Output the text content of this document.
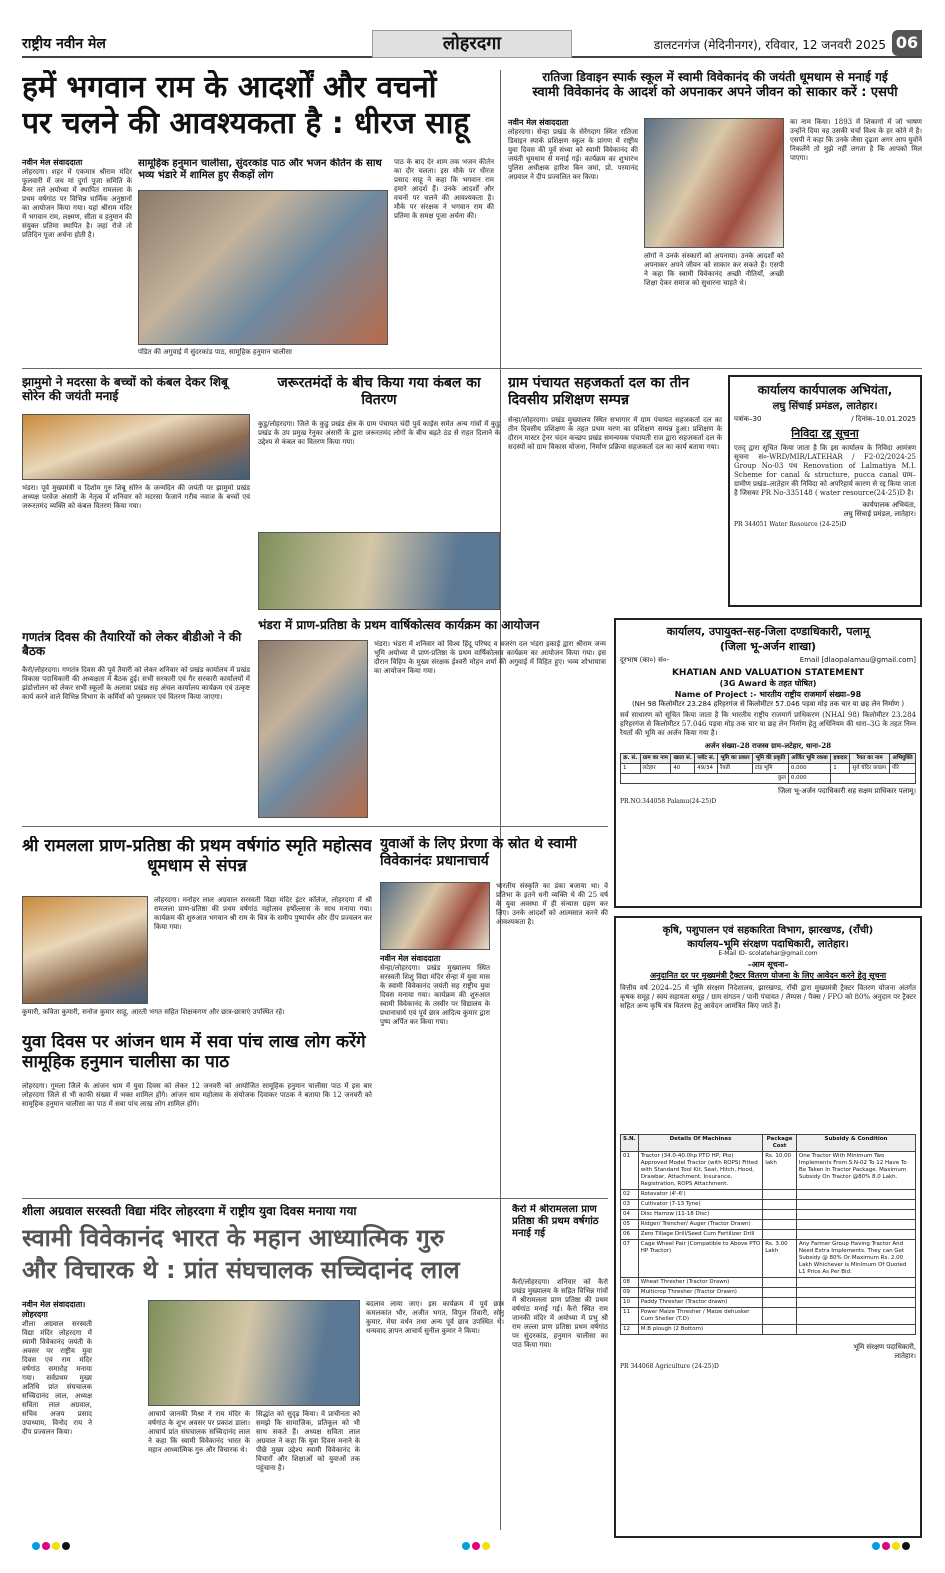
राष्ट्रीय नवीन मेल	लोहरदगा	डालटनगंज (मेदिनीनगर), रविवार, 12 जनवरी 2025 06
हमें भगवान राम के आदर्शों और वचनों
पर चलने की आवश्यकता है : धीरज साहू
नवीन मेल संवाददाता
लोहरदगा। शहर में एकमात्र श्रीराम मंदिर फुलवारी में जय मां दुर्गा पूजा समिति के बैनर तले अयोध्या में स्थापित रामलला के प्रथम वर्षगांठ पर विभिन्न धार्मिक अनुष्ठानों का आयोजन किया गया। यहां श्रीराम मंदिर में भगवान राम, लक्ष्मण, सीता व हनुमान की संयुक्त प्रतिमा स्थापित है। जहां रोजे तो प्रतिदिन पूजा अर्चना होती है।
सामूहिक हनुमान चालीसा, सुंदरकांड पाठ और भजन कीर्तन के साथ भव्य भंडारे में शामिल हुए सैकड़ों लोग
पंडित की अगुवाई में सुंदरकांड पाठ, सामूहिक हनुमान चालीसा
पाठ के बाद देर शाम तक भजन कीर्तन का दौर चलता। इस मौके पर धीरज प्रसाद साहू ने कहा कि भगवान राम हमारे आदर्श हैं। उनके आदर्शों और वचनों पर चलने की आवश्यकता है। मौके पर संरक्षक ने भगवान राम की प्रतिमा के समक्ष पूजा अर्चना की।
रातिजा डिवाइन स्पार्क स्कूल में स्वामी विवेकानंद की जयंती धूमधाम से मनाई गई
स्वामी विवेकानंद के आदर्श को अपनाकर अपने जीवन को साकार करें : एसपी
नवीन मेल संवाददाता
लोहरदगा। सेन्हा प्रखंड के सेरेंगदाग स्थित रातिजा डिवाइन स्पार्क प्रशिक्षण स्कूल के प्रांगण में राष्ट्रीय युवा दिवस की पूर्व संध्या को स्वामी विवेकानंद की जयंती धूमधाम से मनाई गई। कार्यक्रम का शुभारंभ पुलिस अधीक्षक हारिश बिन जमां, प्रो. परमानंद अग्रवाल ने दीप प्रज्वलित कर किया।
लोगों ने उनके संस्कारों को अपनाया। उनके आदर्शों को अपनाकर अपने जीवन को साकार कर सकते हैं। एसपी ने कहा कि स्वामी विवेकानंद अच्छी नीतियाँ, अच्छी शिक्षा देकर समाज को सुधारना चाहते थे।
का नाम किया। 1893 में शिकागो में जो भाषण उन्होंने दिया वह उसकी चर्चा विश्व के हर कोने में है। एसपी ने कहा कि उनके जैसा दृढ़ता अगर आप युवोंने निकलेंगे तो मुझे नहीं लगता है कि आपको मिल पाएगा।
झामुमो ने मदरसा के बच्चों को कंबल देकर शिबू सोरेन की जयंती मनाई
भंडरा। पूर्व मुख्यमंत्री व दिशोम गुरु शिबू सोरेन के जन्मदिन की जयंती पर झामुमो प्रखंड अध्यक्ष परवेज अंसारी के नेतृत्व में शनिवार को मदरसा फैजाने गरीब नवाज के बच्चों एवं जरूरतमंद व्यक्ति को कंबल वितरण किया गया।
जरूरतमंदों के बीच किया गया कंबल का वितरण
कुडु/लोहरदगा। जिले के कुडु प्रखंड क्षेत्र के ग्राम पंचायत चंदी पुर्व काईस समेत अन्य गांवों में कुडु प्रखंड के उप प्रमुख रेनुका अंसारी के द्वारा जरूरतमंद लोगों के बीच बढ़ते ठंड से राहत दिलाने के उद्देश्य से कंबल का वितरण किया गया।
ग्राम पंचायत सहजकर्ता दल का तीन दिवसीय प्रशिक्षण सम्पन्न
सेन्हा/लोहरदगा। प्रखंड मुख्यालय स्थित सभागार में ग्राम पंचायत सहजकर्ता दल का तीन दिवसीय प्रशिक्षण के तहत प्रथम चरण का प्रशिक्षण सम्पन्न हुआ। प्रशिक्षण के दौरान मास्टर ट्रेनर चंदन कच्छप प्रखंड समन्वयक पंचायती राज द्वारा सहजकर्ता दल के सदस्यों को ग्राम विकास योजना, निर्माण प्रक्रिया सहजकर्ता दल का कार्य बताया गया।
कार्यालय कार्यपालक अभियंता,
लघु सिंचाई प्रमंडल, लातेहार।
पत्रांक–30	/ दिनांक–10.01.2025
निविदा रद्द सूचना
एतद् द्वारा सूचित किया जाता है कि इस कार्यालय के निविदा आमंत्रण सूचना सं०-WRD/MIR/LATEHAR / F2-02/2024-25 Group No-03 पथ Renovation of Lalmatiya M.I. Scheme for canal & structure, pucca canal ग्राम–ग्रामीण प्रखंड–लातेहार की निविदा को अपरिहार्य कारण से रद्द किया जाता है जिसका PR No-335148 ( water resource(24-25)D है।
कार्यपालक अभियंता,
लघु सिंचाई प्रमंडल, लातेहार।
PR 344051 Water Resource (24-25)D
भंडरा में प्राण-प्रतिष्ठा के प्रथम वार्षिकोत्सव कार्यक्रम का आयोजन
भंडरा। भंडरा में शनिवार को विश्व हिंदू परिषद व बजरंग दल भंडरा इकाई द्वारा श्रीराम जन्म भूमि अयोध्या में प्राण-प्रतिष्ठा के प्रथम वार्षिकोत्सव कार्यक्रम का आयोजन किया गया। इस दौरान विहिप के मुख्य संरक्षक ईश्वरी मोहन शर्मा की अगुवाई में विहित हुए। भव्य शोभायात्रा का आयोजन किया गया।
गणतंत्र दिवस की तैयारियों को लेकर बीडीओ ने की बैठक
कैरो/लोहरदगा। गणतंत्र दिवस की पूर्व तैयारी को लेकर शनिवार को प्रखंड कार्यालय में प्रखंड विकास पदाधिकारी की अध्यक्षता में बैठक हुई। सभी सरकारी एवं गैर सरकारी कार्यालयों में झंडोत्तोलन को लेकर सभी स्कूलों के अलावा प्रखंड सह अंचल कार्यालय कार्यक्रम एवं उत्कृष्ट कार्य करने वाले विभिन्न विभाग के कर्मियों को पुरस्कार एवं वितरण किया जाएगा।
कार्यालय, उपायुक्त-सह-जिला दण्डाधिकारी, पलामू
(जिला भू-अर्जन शाखा)
दूरभाष (का०) सं०-	Email [dlaopalamau@gmail.com]
KHATIAN AND VALUATION STATEMENT
(3G Award के तहत घोषित)
Name of Project :- भारतीय राष्ट्रीय राजमार्ग संख्या–98
(NH 98 किलोमीटर 23.284 हरिहरगंज से किलोमीटर 57.046 पड़वा मोड़ तक चार या छह लेन निर्माण )
सर्व साधारण को सूचित किया जाता है कि भारतीय राष्ट्रीय राजमार्ग प्राधिकरण (NHAI 98) किलोमीटर 23.284 हरिहरगंज से किलोमीटर 57.046 पड़वा मोड़ तक चार या छह लेन निर्माण हेतु अधिनियम की धारा–3G के तहत निम्न रैयतों की भूमि का अर्जन किया गया है।
अर्जन संख्या–28 राजस्व ग्राम–लटेहार, थाना–28
क्र. सं.	ग्राम का नाम	खाता सं.	प्लॉट सं.	भूमि का प्रकार	भूमि की प्रकृति	अर्जित भूमि रकबा	हकदार	रैयत का नाम	अभियुक्ति
1	लटेहार	40	49/34	रैयती	टांड़ भूमि	0.000	1	सुर्य चंदिर कच्छप	पीरे
कुल						0.000			
जिला भू-अर्जन पदाधिकारी सह सक्षम प्राधिकार पलामू।
PR.NO.344058 Palamu(24-25)D
श्री रामलला प्राण-प्रतिष्ठा की प्रथम वर्षगांठ स्मृति महोत्सव धूमधाम से संपन्न
लोहरदगा। मनोहर लाल अग्रवाल सरस्वती विद्या मंदिर इंटर कॉलेज, लोहरदगा में श्री रामलला प्राण-प्रतिष्ठा की प्रथम वर्षगांठ महोत्सव हर्षोल्लास के साथ मनाया गया। कार्यक्रम की शुरुआत भगवान श्री राम के चित्र के समीप पुष्पार्चन और दीप प्रज्वलन कर किया गया।
कुमारी, कविता कुमारी, सनोज कुमार साहू, आरती भगत सहित शिक्षकगण और छात्र-छात्राएं उपस्थित रहे।
युवाओं के लिए प्रेरणा के स्रोत थे स्वामी विवेकानंदः प्रधानाचार्य
नवीन मेल संवाददाता
सेन्हा/लोहरदगा। प्रखंड मुख्यालय स्थित सरस्वती शिशु विद्या मंदिर सेन्हा में युवा मास के स्वामी विवेकानंद जयंती सह राष्ट्रीय युवा दिवस मनाया गया। कार्यक्रम की शुरुआत स्वामी विवेकानंद के तस्वीर पर विद्यालय के प्रधानाचार्य एवं पूर्व छात्र आदित्य कुमार द्वारा पुष्प अर्पित कर किया गया।
भारतीय संस्कृति का डंका बजाया था। वे प्रतिभा के इतने धनी व्यक्ति थे की 25 वर्ष के युवा अवस्था में ही संन्यास ग्रहण कर लिए। उनके आदर्शों को आत्मसात करने की आवश्यकता है।
युवा दिवस पर आंजन धाम में सवा पांच लाख लोग करेंगे सामूहिक हनुमान चालीसा का पाठ
लोहरदगा। गुमला जिले के आंजन धाम में युवा दिवस को लेकर 12 जनवरी को आयोजित सामूहिक हनुमान चालीसा पाठ में इस बार लोहरदगा जिले से भी काफी संख्या में भक्त शामिल होंगे। आंजन धाम महोत्सव के संयोजक दिवाकर पाठक ने बताया कि 12 जनवरी को सामूहिक हनुमान चालीसा का पाठ में सवा पांच लाख लोग शामिल होंगे।
कृषि, पशुपालन एवं सहकारिता विभाग, झारखण्ड, (राँची)
कार्यालय–भूमि संरक्षण पदाधिकारी, लातेहार।
E-Mail ID- scolatehar@gmail.com
–आम सूचना–
अनुदानित दर पर मुख्यमंत्री ट्रैक्टर वितरण योजना के लिए आवेदन करने हेतु सूचना
वित्तीय वर्ष 2024–25 में भूमि संरक्षण निदेशालय, झारखण्ड, राँची द्वारा मुख्यमंत्री ट्रैक्टर वितरण योजना अंतर्गत कृषक समूह / स्वयं सहायता समूह / ग्राम संगठन / पानी पंचायत / लैम्पस / पैक्स / FPO को 80% अनुदान पर ट्रैक्टर सहित अन्य कृषि यंत्र वितरण हेतु आवेदन आमंत्रित किए जाते हैं।
S.N.	Details Of Machines	Package Cost	Subsidy & Condition
01	Tractor (34.0-40.0hp PTO HP, Pto) Approved Model Tractor (with ROPS) Fitted with Standard Tool Kit, Seat, Hitch, Hood, Drawbar, Attachment, Insurance, Registration, ROPS Attachment.	Rs. 10.00 lakh	One Tractor With Minimum Two Implements From S.N-02 To 12 Have To Be Taken In Tractor Package. Maximum Subsidy On Tractor @80% 8.0 Lakh.
02	Rotavator (4'-6')		
03	Cultivator (7-13 Tyne)		
04	Disc Harrow (11-18 Disc)		
05	Ridger/ Trencher/ Auger (Tractor Drawn)		
06	Zero Tillage Drill/Seed Cum Fertilizer Drill		
07	Cage Wheel Pair (Compatible to Above PTO HP Tractor)	Rs. 3.00 Lakh	Any Farmer Group Having Tractor And Need Extra Implements. They can Get Subsidy @ 80% Or Maximum Rs. 2.00 Lakh Whichever is Minimum Of Quoted L1 Price As Per Bid.
08	Wheat Thresher (Tractor Drawn)		
09	Multicrop Thresher (Tractor Drawn)		
10	Paddy Thresher (Tractor drawn)		
11	Power Maize Thresher / Maize dehusker Cum Sheller (T.D)		
12	M.B plough (2 Bottom)		
भूमि संरक्षण पदाधिकारी,
लातेहार।
PR 344068 Agriculture (24-25)D
शीला अग्रवाल सरस्वती विद्या मंदिर लोहरदगा में राष्ट्रीय युवा दिवस मनाया गया
स्वामी विवेकानंद भारत के महान आध्यात्मिक गुरु
और विचारक थे : प्रांत संघचालक सच्चिदानंद लाल
नवीन मेल संवाददाता। लोहरदगा
शीला अग्रवाल सरस्वती विद्या मंदिर लोहरदगा में स्वामी विवेकानंद जयंती के अवसर पर राष्ट्रीय युवा दिवस एवं राम मंदिर वर्षगांठ समारोह मनाया गया। सर्वप्रथम मुख्य अतिथि प्रांत संघचालक सच्चिदानंद लाल, अध्यक्ष सविता लाल अग्रवाल, सचिव अजय प्रसाद उपाध्याय, विनोद राय ने दीप प्रज्वलन किया।
आचार्य जानकी मिश्रा ने राम मंदिर के वर्षगांठ के शुभ अवसर पर प्रकाश डाला। आचार्य प्रांत संघचालक सच्चिदानंद लाल ने कहा कि स्वामी विवेकानंद भारत के महान आध्यात्मिक गुरु और विचारक थे।
सिद्धांत को सुदृढ़ किया। वे प्राचीनता को समझे कि सामाजिक, प्रतिकूल को भी साथ सकते हैं। अध्यक्ष सविता लाल अग्रवाल ने कहा कि युवा दिवस मनाने के पीछे मुख्य उद्देश्य स्वामी विवेकानंद के विचारों और शिक्षाओं को युवाओं तक पहुंचाना है।
बदलाव लाया जाए। इस कार्यक्रम में पूर्व छात्र कमलकांत भौर, अजीत भगत, विपुल तिवारी, सोनू कुमार, मेघा वर्धन तथा अन्य पूर्व छात्र उपस्थित थे। धन्यवाद ज्ञापन आचार्य सुनील कुमार ने किया।
कैरो में श्रीरामलला प्राण प्रतिष्ठा की प्रथम वर्षगांठ मनाई गई
कैरो/लोहरदगा। शनिवार को कैरो प्रखंड मुख्यालय के सहित विभिन्न गांवों में श्रीरामलला प्राण प्रतिष्ठा की प्रथम वर्षगांठ मनाई गई। कैरो स्थित राम जानकी मंदिर में अयोध्या में प्रभु श्री राम लल्ला प्राण प्रतिष्ठा प्रथम वर्षगांठ पर सुंदरकांड, हनुमान चालीसा का पाठ किया गया।
